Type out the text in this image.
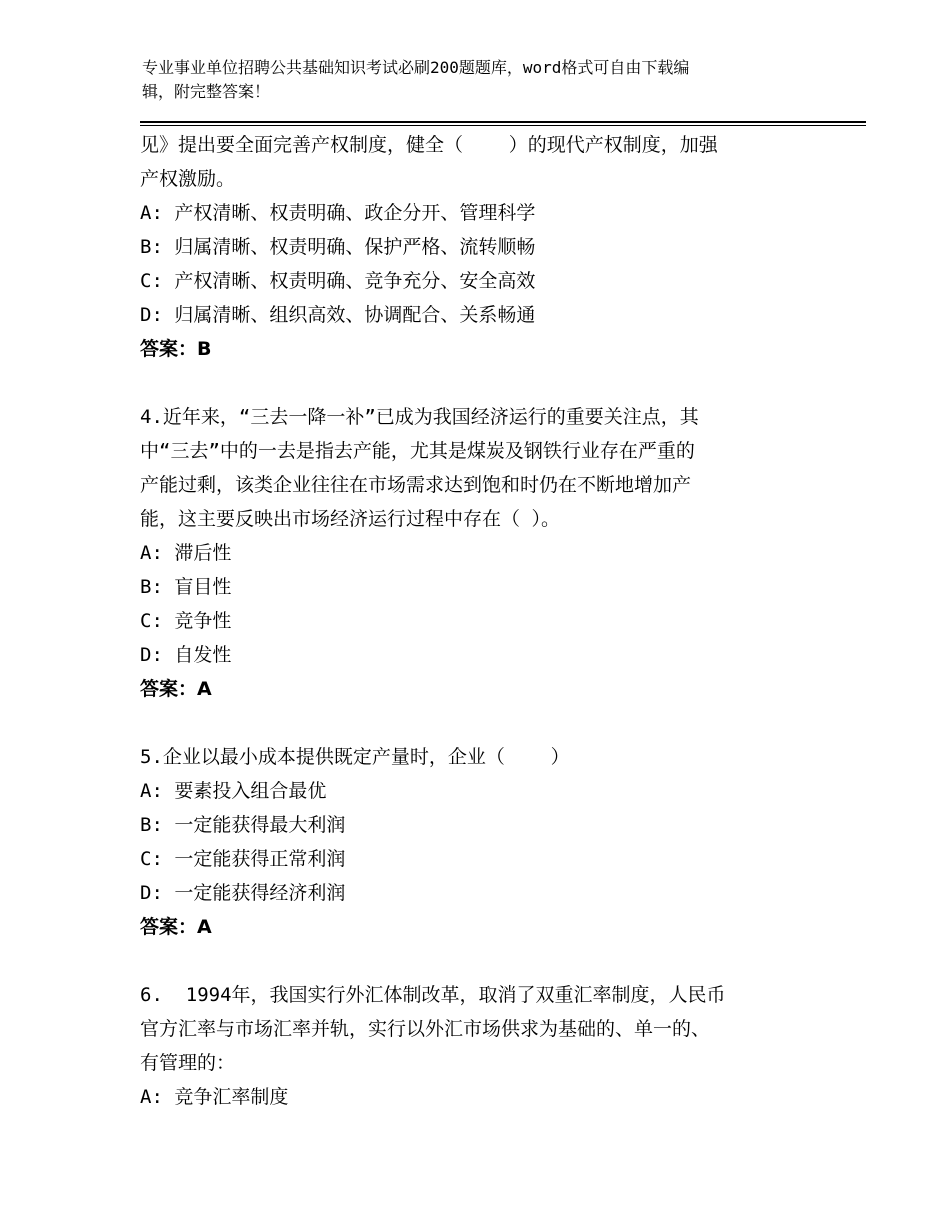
专业事业单位招聘公共基础知识考试必刷200题题库，word格式可自由下载编
辑，附完整答案！

见》提出要全面完善产权制度，健全（    ）的现代产权制度，加强

产权激励。

A: 产权清晰、权责明确、政企分开、管理科学

B: 归属清晰、权责明确、保护严格、流转顺畅

C: 产权清晰、权责明确、竞争充分、安全高效

D: 归属清晰、组织高效、协调配合、关系畅通

答案：B

4.近年来，“三去一降一补”已成为我国经济运行的重要关注点，其

中“三去”中的一去是指去产能，尤其是煤炭及钢铁行业存在严重的

产能过剩，该类企业往往在市场需求达到饱和时仍在不断地增加产

能，这主要反映出市场经济运行过程中存在（ ）。

A: 滞后性

B: 盲目性

C: 竞争性

D: 自发性

答案：A

5.企业以最小成本提供既定产量时，企业（    ）

A: 要素投入组合最优

B: 一定能获得最大利润

C: 一定能获得正常利润

D: 一定能获得经济利润

答案：A

6.  1994年，我国实行外汇体制改革，取消了双重汇率制度，人民币

官方汇率与市场汇率并轨，实行以外汇市场供求为基础的、单一的、

有管理的：

A: 竞争汇率制度
